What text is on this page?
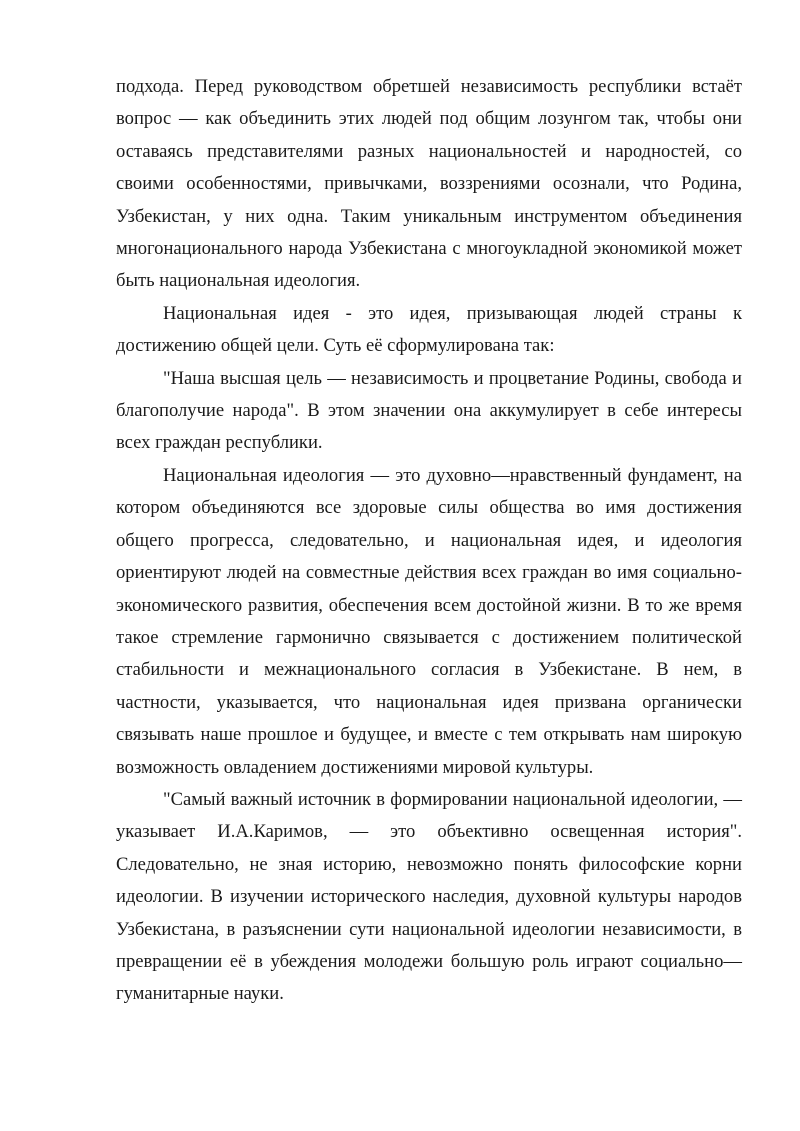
подхода. Перед руководством обретшей независимость республики встаёт вопрос — как объединить этих людей под общим лозунгом так, чтобы они оставаясь представителями разных национальностей и народностей, со своими особенностями, привычками, воззрениями осознали, что Родина, Узбекистан, у них одна. Таким уникальным инструментом объединения многонационального народа Узбекистана с многоукладной экономикой может быть национальная идеология.

Национальная идея - это идея, призывающая людей страны к достижению общей цели. Суть её сформулирована так:

"Наша высшая цель — независимость и процветание Родины, свобода и благополучие народа". В этом значении она аккумулирует в себе интересы всех граждан республики.

Национальная идеология — это духовно—нравственный фундамент, на котором объединяются все здоровые силы общества во имя достижения общего прогресса, следовательно, и национальная идея, и идеология ориентируют людей на совместные действия всех граждан во имя социально-экономического развития, обеспечения всем достойной жизни. В то же время такое стремление гармонично связывается с достижением политической стабильности и межнационального согласия в Узбекистане. В нем, в частности, указывается, что национальная идея призвана органически связывать наше прошлое и будущее, и вместе с тем открывать нам широкую возможность овладением достижениями мировой культуры.

"Самый важный источник в формировании национальной идеологии, — указывает И.А.Каримов, — это объективно освещенная история". Следовательно, не зная историю, невозможно понять философские корни идеологии. В изучении исторического наследия, духовной культуры народов Узбекистана, в разъяснении сути национальной идеологии независимости, в превращении её в убеждения молодежи большую роль играют социально—гуманитарные науки.
